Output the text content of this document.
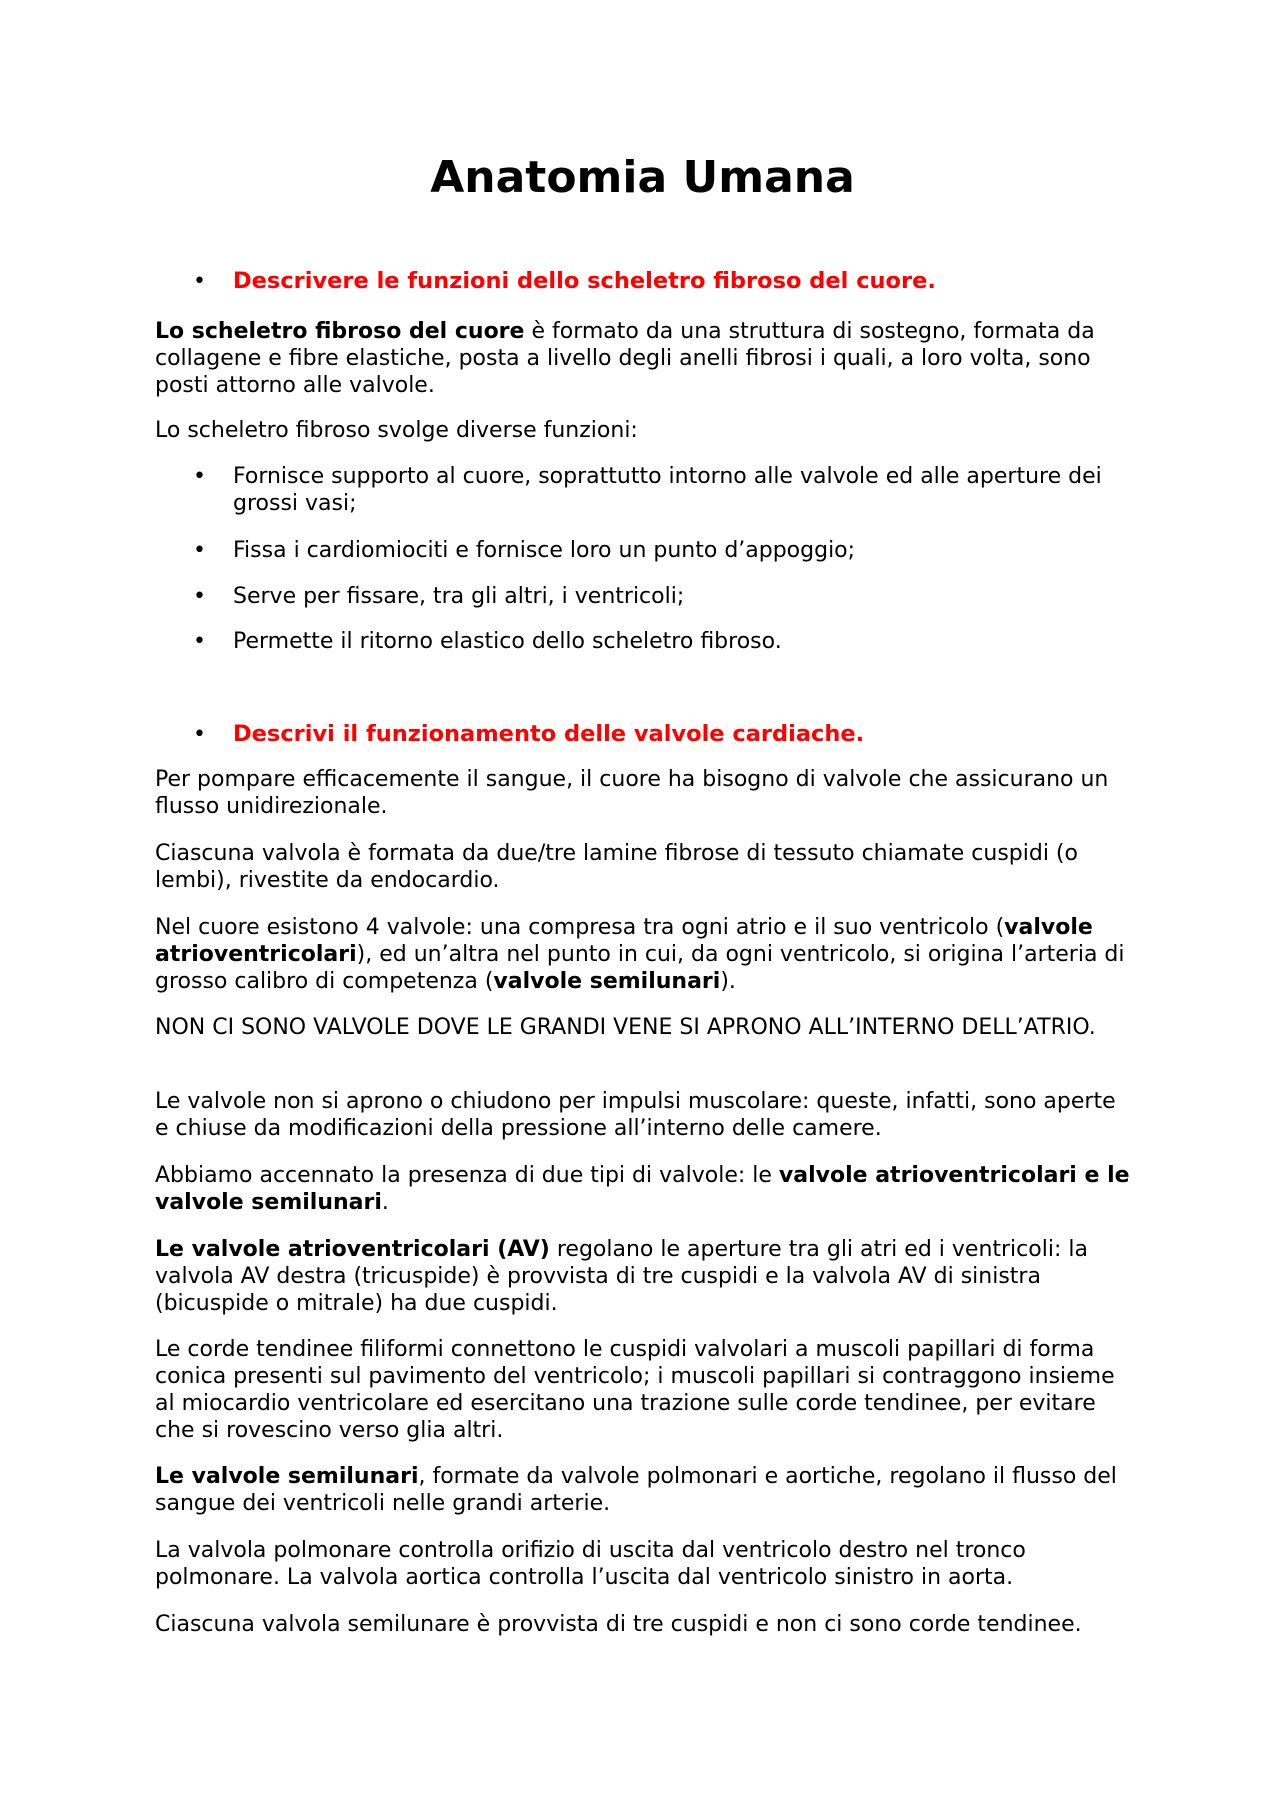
Anatomia Umana
•	Descrivere le funzioni dello scheletro fibroso del cuore.

Lo scheletro fibroso del cuore è formato da una struttura di sostegno, formata da collagene e fibre elastiche, posta a livello degli anelli fibrosi i quali, a loro volta, sono posti attorno alle valvole.

Lo scheletro fibroso svolge diverse funzioni:

•	Fornisce supporto al cuore, soprattutto intorno alle valvole ed alle aperture dei grossi vasi;
•	Fissa i cardiomiociti e fornisce loro un punto d’appoggio;
•	Serve per fissare, tra gli altri, i ventricoli;
•	Permette il ritorno elastico dello scheletro fibroso.
•	Descrivi il funzionamento delle valvole cardiache.

Per pompare efficacemente il sangue, il cuore ha bisogno di valvole che assicurano un flusso unidirezionale.

Ciascuna valvola è formata da due/tre lamine fibrose di tessuto chiamate cuspidi (o lembi), rivestite da endocardio.

Nel cuore esistono 4 valvole: una compresa tra ogni atrio e il suo ventricolo (valvole atrioventricolari), ed un’altra nel punto in cui, da ogni ventricolo, si origina l’arteria di grosso calibro di competenza (valvole semilunari).

NON CI SONO VALVOLE DOVE LE GRANDI VENE SI APRONO ALL’INTERNO DELL’ATRIO.

Le valvole non si aprono o chiudono per impulsi muscolare: queste, infatti, sono aperte e chiuse da modificazioni della pressione all’interno delle camere.

Abbiamo accennato la presenza di due tipi di valvole: le valvole atrioventricolari e le valvole semilunari.

Le valvole atrioventricolari (AV) regolano le aperture tra gli atri ed i ventricoli: la valvola AV destra (tricuspide) è provvista di tre cuspidi e la valvola AV di sinistra (bicuspide o mitrale) ha due cuspidi.

Le corde tendinee filiformi connettono le cuspidi valvolari a muscoli papillari di forma conica presenti sul pavimento del ventricolo; i muscoli papillari si contraggono insieme al miocardio ventricolare ed esercitano una trazione sulle corde tendinee, per evitare che si rovescino verso glia altri.

Le valvole semilunari, formate da valvole polmonari e aortiche, regolano il flusso del sangue dei ventricoli nelle grandi arterie.

La valvola polmonare controlla orifizio di uscita dal ventricolo destro nel tronco polmonare. La valvola aortica controlla l’uscita dal ventricolo sinistro in aorta.

Ciascuna valvola semilunare è provvista di tre cuspidi e non ci sono corde tendinee.
